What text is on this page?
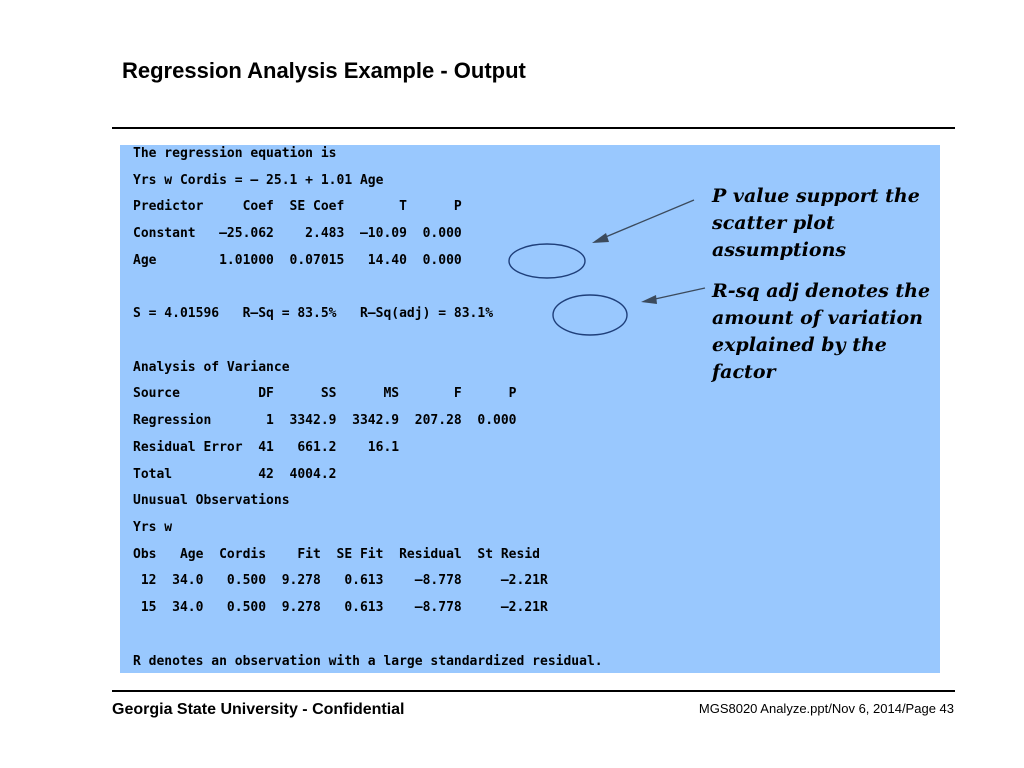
Regression Analysis Example - Output

The regression equation is

Yrs w Cordis = – 25.1 + 1.01 Age

Predictor     Coef  SE Coef       T      P

Constant   –25.062    2.483  –10.09  0.000

Age        1.01000  0.07015   14.40  0.000

S = 4.01596   R–Sq = 83.5%   R–Sq(adj) = 83.1%

Analysis of Variance

Source          DF      SS      MS       F      P

Regression       1  3342.9  3342.9  207.28  0.000

Residual Error  41   661.2    16.1

Total           42  4004.2

Unusual Observations

Yrs w

Obs   Age  Cordis    Fit  SE Fit  Residual  St Resid

12  34.0   0.500  9.278   0.613    –8.778     –2.21R

15  34.0   0.500  9.278   0.613    –8.778     –2.21R

R denotes an observation with a large standardized residual.

P value support the
scatter plot
assumptions
R-sq adj denotes the
amount of variation
explained by the
factor
Georgia State University - Confidential	MGS8020 Analyze.ppt/Nov 6, 2014/Page 43
